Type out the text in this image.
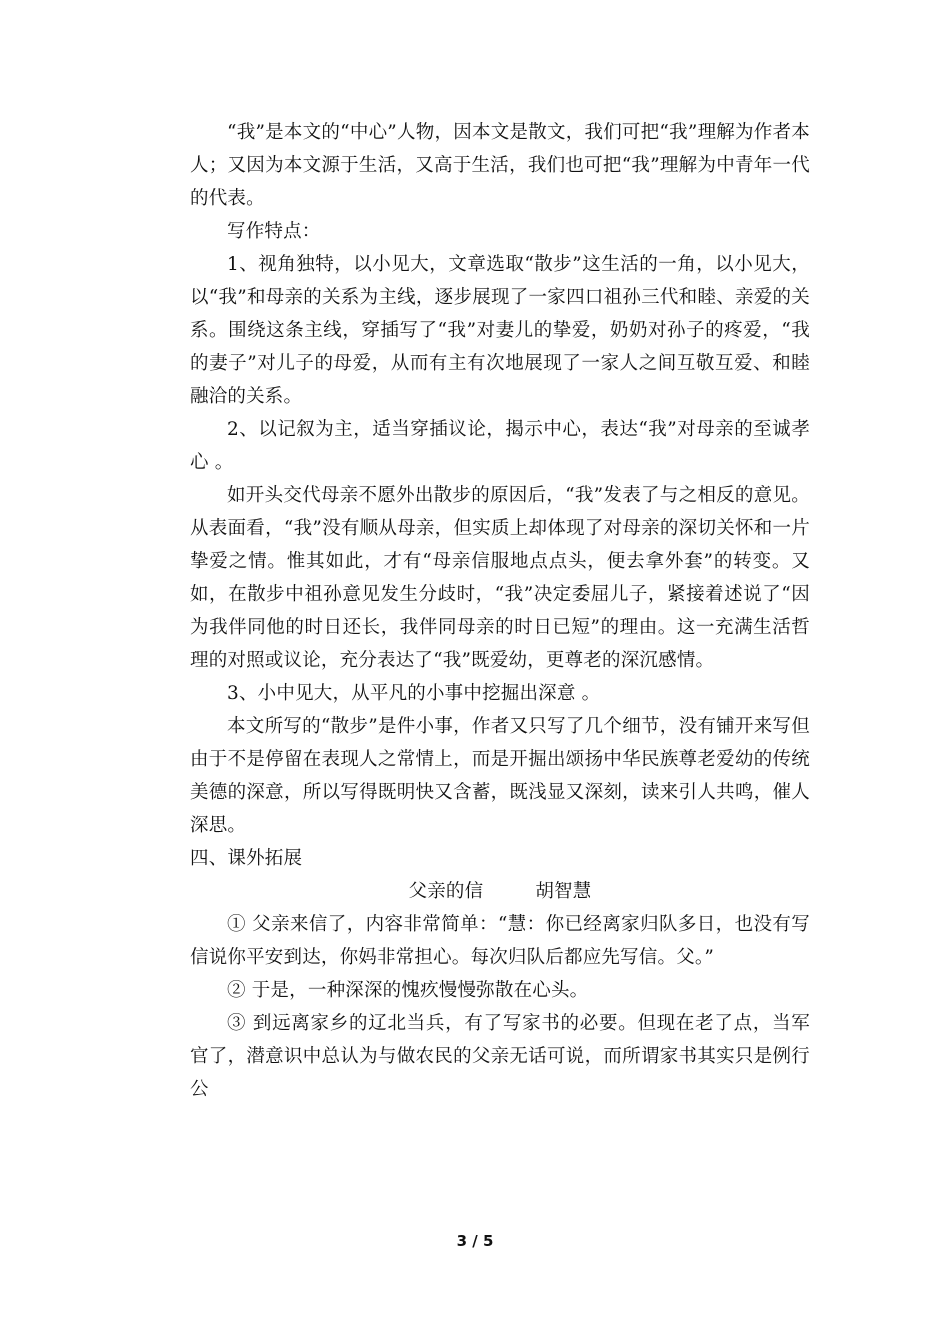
“我”是本文的“中心”人物，因本文是散文，我们可把“我”理解为作者本人；又因为本文源于生活，又高于生活，我们也可把“我”理解为中青年一代的代表。

写作特点：

1、视角独特，以小见大，文章选取“散步”这生活的一角，以小见大，以“我”和母亲的关系为主线，逐步展现了一家四口祖孙三代和睦、亲爱的关系。围绕这条主线，穿插写了“我”对妻儿的挚爱，奶奶对孙子的疼爱，“我的妻子”对儿子的母爱，从而有主有次地展现了一家人之间互敬互爱、和睦融洽的关系。

2、以记叙为主，适当穿插议论，揭示中心，表达“我”对母亲的至诚孝心 。

如开头交代母亲不愿外出散步的原因后，“我”发表了与之相反的意见。从表面看，“我”没有顺从母亲，但实质上却体现了对母亲的深切关怀和一片挚爱之情。惟其如此，才有“母亲信服地点点头，便去拿外套”的转变。又如，在散步中祖孙意见发生分歧时，“我”决定委屈儿子，紧接着述说了“因为我伴同他的时日还长，我伴同母亲的时日已短”的理由。这一充满生活哲理的对照或议论，充分表达了“我”既爱幼，更尊老的深沉感情。

3、小中见大，从平凡的小事中挖掘出深意 。

本文所写的“散步”是件小事，作者又只写了几个细节，没有铺开来写但由于不是停留在表现人之常情上，而是开掘出颂扬中华民族尊老爱幼的传统美德的深意，所以写得既明快又含蓄，既浅显又深刻，读来引人共鸣，催人深思。

四、课外拓展

父亲的信	胡智慧

① 父亲来信了，内容非常简单：“慧：你已经离家归队多日，也没有写信说你平安到达，你妈非常担心。每次归队后都应先写信。父。”

② 于是，一种深深的愧疚慢慢弥散在心头。

③ 到远离家乡的辽北当兵，有了写家书的必要。但现在老了点，当军官了，潜意识中总认为与做农民的父亲无话可说，而所谓家书其实只是例行公

3 / 5
